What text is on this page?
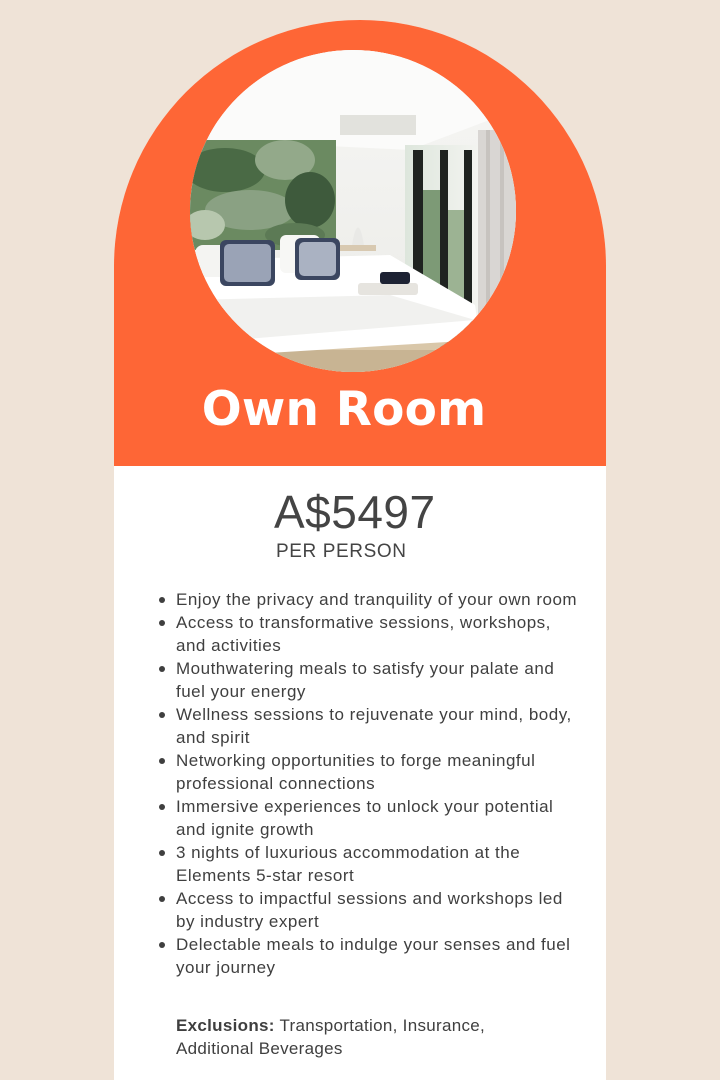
Own Room
A$5497
PER PERSON
Enjoy the privacy and tranquility of your own room
Access to transformative sessions, workshops, and activities
Mouthwatering meals to satisfy your palate and fuel your energy
Wellness sessions to rejuvenate your mind, body, and spirit
Networking opportunities to forge meaningful professional connections
Immersive experiences to unlock your potential and ignite growth
3 nights of luxurious accommodation at the Elements 5-star resort
Access to impactful sessions and workshops led by industry expert
Delectable meals to indulge your senses and fuel your journey

Exclusions: Transportation, Insurance, Additional Beverages
